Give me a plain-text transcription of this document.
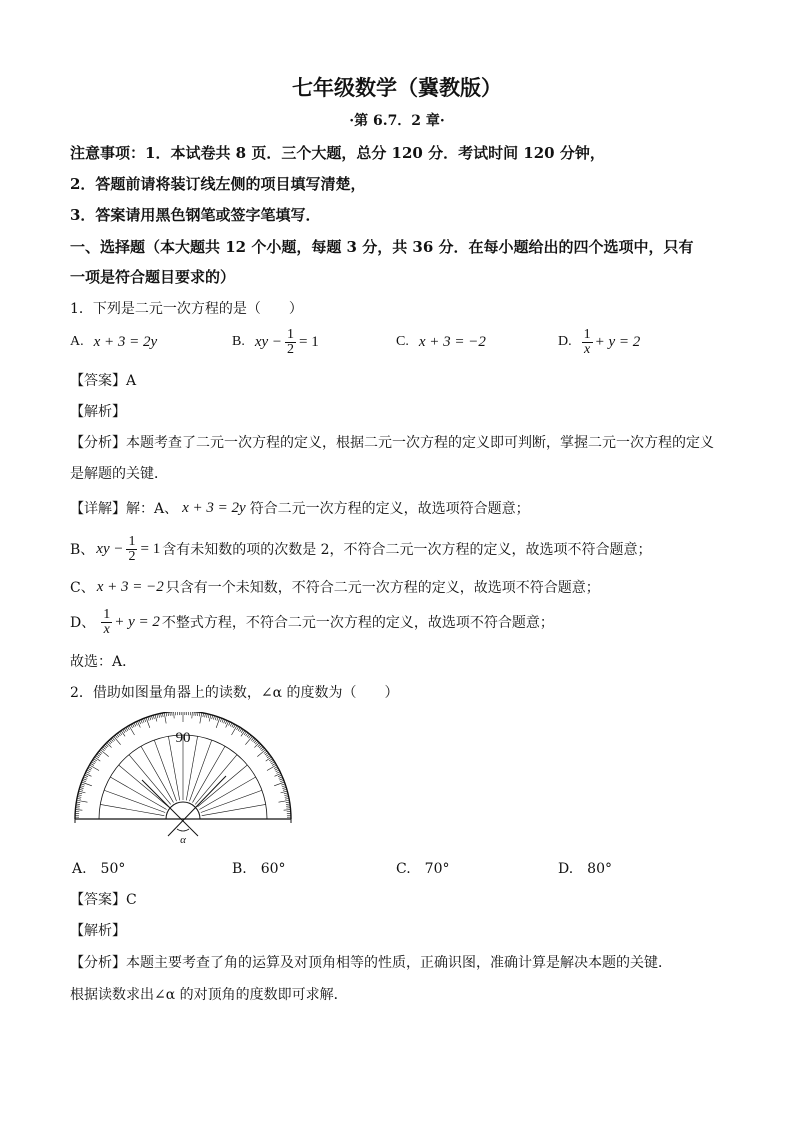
七年级数学（冀教版）
·第 6.7．2 章·
注意事项：1．本试卷共 8 页．三个大题，总分 120 分．考试时间 120 分钟，
2．答题前请将装订线左侧的项目填写清楚，
3．答案请用黑色钢笔或签字笔填写．
一、选择题（本大题共 12 个小题，每题 3 分，共 36 分．在每小题给出的四个选项中，只有
一项是符合题目要求的）
1．下列是二元一次方程的是（　　）
A. x + 3 = 2y	B. xy − $\frac{1}{2} = 1$	C. x + 3 = −2	D. $\frac{1}{x} + y = 2$
【答案】A
【解析】
【分析】本题考查了二元一次方程的定义，根据二元一次方程的定义即可判断，掌握二元一次方程的定义
是解题的关键．
【详解】 解：A、 x + 3 = 2y 符合二元一次方程的定义，故选项符合题意；
B、 xy − $\frac{1}{2} = 1$ 含有未知数的项的次数是 2，不符合二元一次方程的定义，故选项不符合题意；
C、 x + 3 = −2 只含有一个未知数，不符合二元一次方程的定义，故选项不符合题意；
D、 $\frac{1}{x} + y = 2$ 不整式方程，不符合二元一次方程的定义，故选项不符合题意；
故选：A．
2．借助如图量角器上的读数，∠α 的度数为（　　）
90
α
A.　50°	B.　60°	C.　70°	D.　80°
【答案】C
【解析】
【分析】本题主要考查了角的运算及对顶角相等的性质，正确识图，准确计算是解决本题的关键．
根据读数求出∠α 的对顶角的度数即可求解．
